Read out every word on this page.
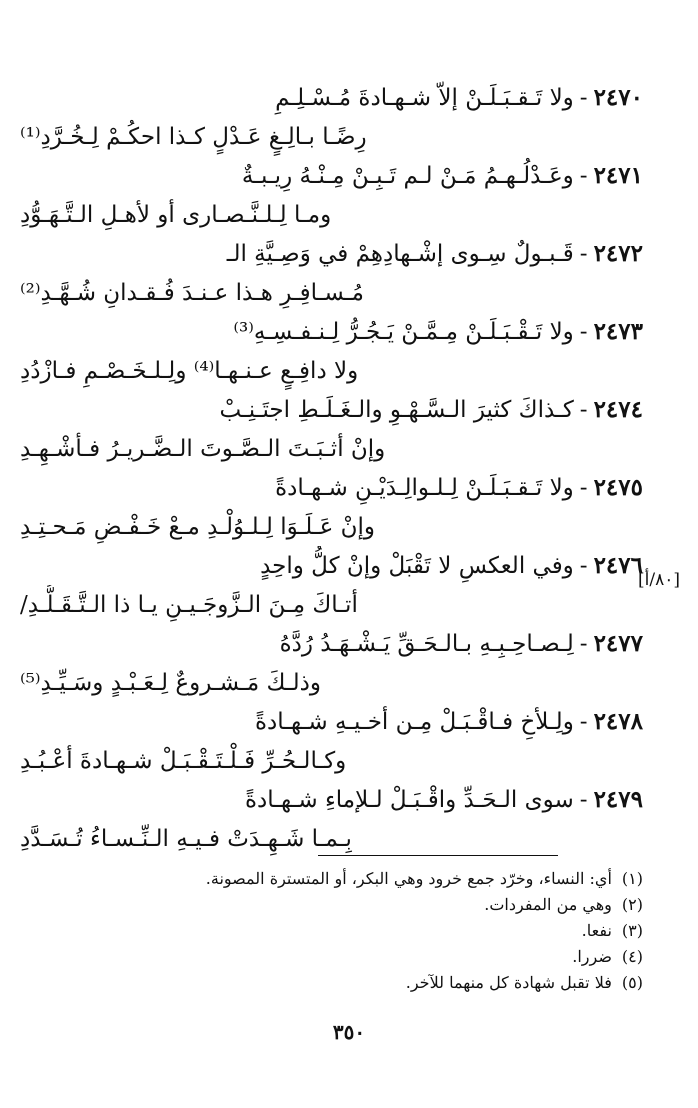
٢٤٧٠-ولا تَـقـبَـلَـنْ إلاّ شـهـادةَ مُـسْـلِـمِ
رِضًـا بـالِـغٍ عَـدْلٍ كـذا احكُـمْ لِـخُـرَّدِ⁽¹⁾
٢٤٧١-وعَـدْلُـهـمُ مَـنْ لـم تَـبِـنْ مِـنْـهُ رِيـبـةٌ
ومـا لِـلـنَّـصـارى أو لأهـلِ الـتَّـهَـوُّدِ
٢٤٧٢-قَـبـولٌ سِـوى إشْـهادِهِمْ في وَصِـيَّةِ الـ
مُـسـافِـرِ هـذا عـنـدَ فُـقـدانِ شُـهَّـدِ⁽²⁾
٢٤٧٣-ولا تَـقْـبَـلَـنْ مِـمَّـنْ يَـجُـرُّ لِـنـفـسِـهِ⁽³⁾
ولا دافِـعٍ عـنـهـا⁽⁴⁾ ولِـلـخَـصْـمِ فـازْدُدِ
٢٤٧٤-كـذاكَ كثيرَ الـسَّـهْـوِ والـغَـلَـطِ اجتَـنِـبْ
وإنْ أثـبَـتَ الـصَّـوتَ الـضَّـريـرُ فـأشْـهِـدِ
٢٤٧٥-ولا تَـقـبَـلَـنْ لِـلـوالِـدَيْـنِ شـهـادةً
وإنْ عَـلَـوَا لِـلـوُلْـدِ مـعْ خَـفْـضِ مَـحـتِـدِ
٢٤٧٦-وفي العكسِ لا تَقْبَلْ وإنْ كلُّ واحِدٍ
أتـاكَ مِـنَ الـزَّوجَـيـنِ يـا ذا الـتَّـقَـلُّـدِ/
٢٤٧٧-لِـصـاحِـبِـهِ بـالـحَـقِّ يَـشْـهَـدُ رُدَّهُ
وذلـكَ مَـشـروعٌ لِـعَـبْـدٍ وسَـيِّـدِ⁽⁵⁾
٢٤٧٨-ولِـلأخِ فـاقْـبَـلْ مِـن أخـيـهِ شـهـادةً
وكـالـحُـرِّ فَـلْـتَـقْـبَـلْ شـهـادةَ أعْـبُـدِ
٢٤٧٩-سوى الـحَـدِّ واقْـبَـلْ لـلإماءِ شـهـادةً
بِـمـا شَـهِـدَتْ فـيـهِ الـنِّـسـاءُ تُـسَـدَّدِ
[٨٠/أ]
(١)أي: النساء، وخرّد جمع خرود وهي البكر، أو المتسترة المصونة.
(٢)وهي من المفردات.
(٣)نفعا.
(٤)ضررا.
(٥)فلا تقبل شهادة كل منهما للآخر.
٣٥٠
